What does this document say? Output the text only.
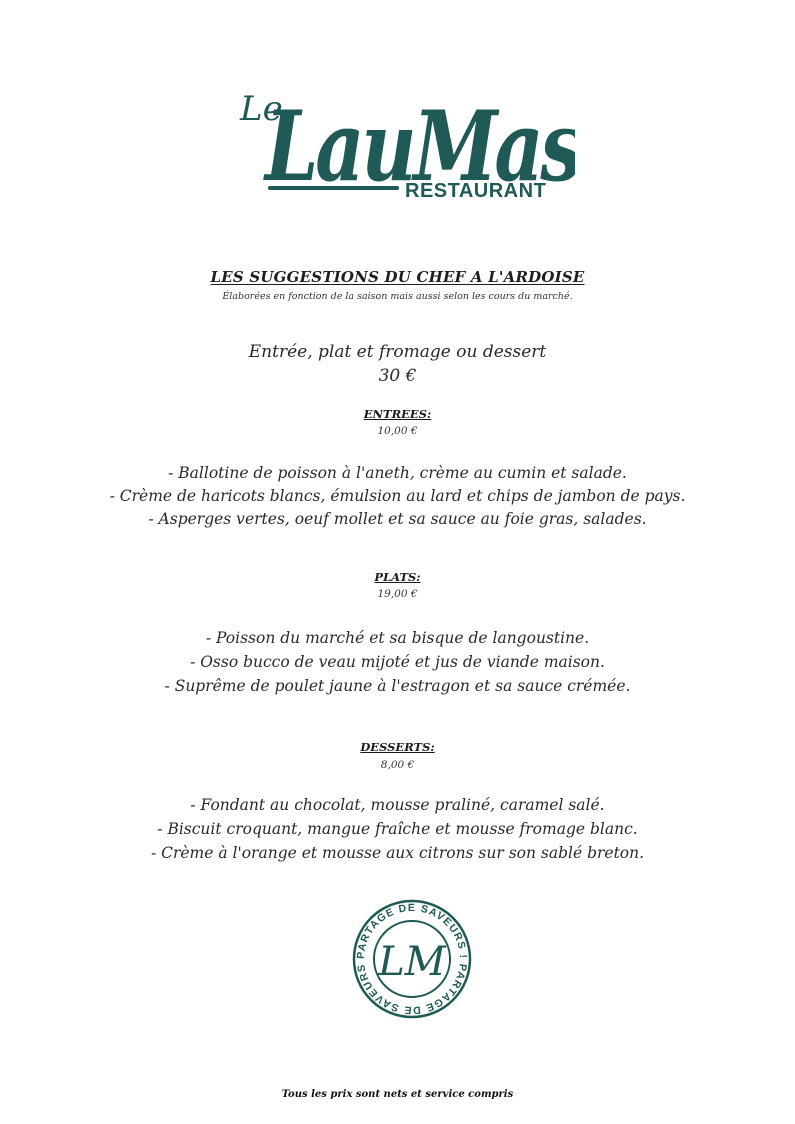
Le
LauMas
RESTAURANT
LES SUGGESTIONS DU CHEF A L'ARDOISE
Élaborées en fonction de la saison mais aussi selon les cours du marché.
Entrée, plat et fromage ou dessert
30 €
ENTREES:
10,00 €
- Ballotine de poisson à l'aneth, crème au cumin et salade.
- Crème de haricots blancs, émulsion au lard et chips de jambon de pays.
- Asperges vertes, oeuf mollet et sa sauce au foie gras, salades.
PLATS:
19,00 €
- Poisson du marché et sa bisque de langoustine.
- Osso bucco de veau mijoté et jus de viande maison.
- Suprême de poulet jaune à l'estragon et sa sauce crémée.
DESSERTS:
8,00 €
- Fondant au chocolat, mousse praliné, caramel salé.
- Biscuit croquant, mangue fraîche et mousse fromage blanc.
- Crème à l'orange et mousse aux citrons sur son sablé breton.
PARTAGE DE SAVEURS ! PARTAGE DE SAVEURS LM
Tous les prix sont nets et service compris
